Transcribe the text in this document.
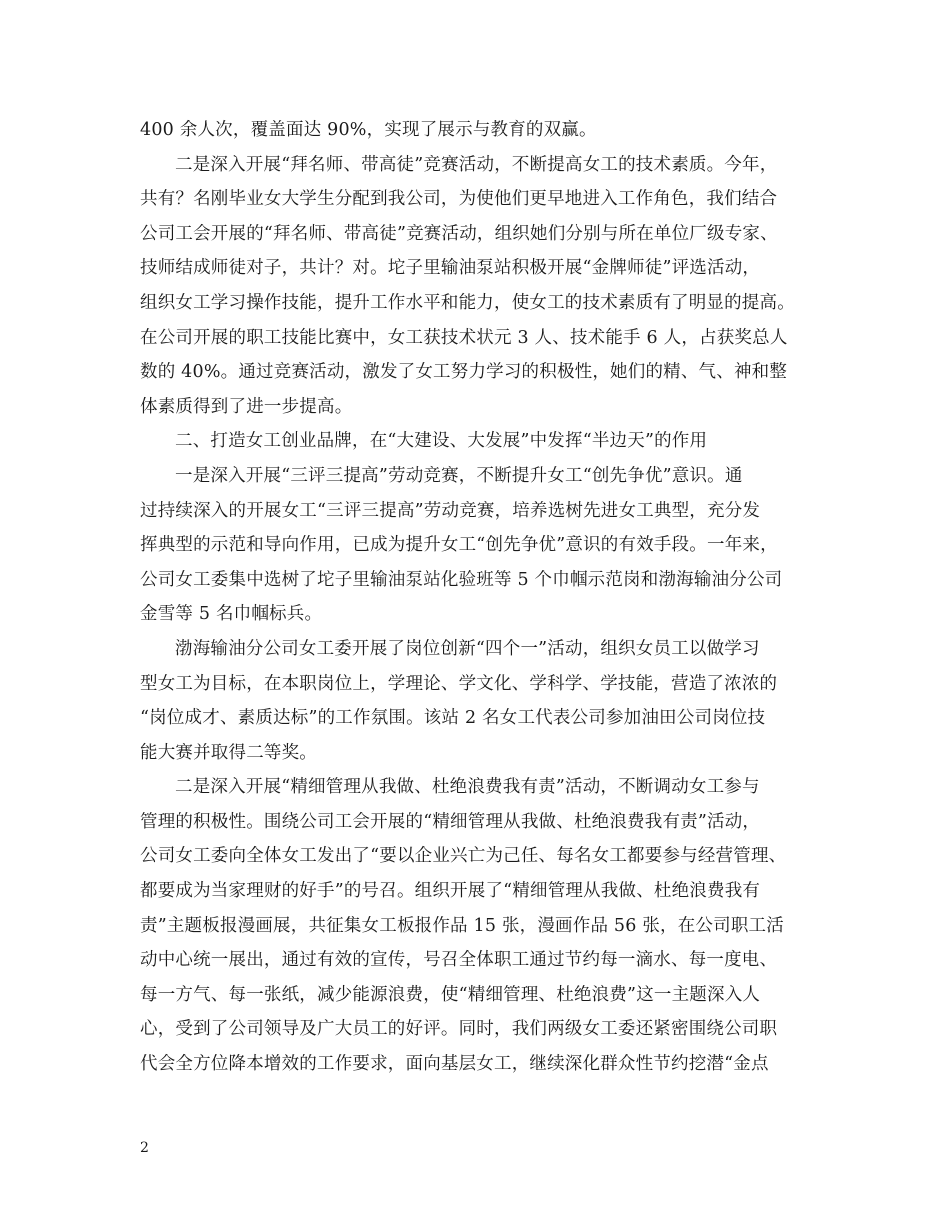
400 余人次，覆盖面达 90%，实现了展示与教育的双赢。
二是深入开展“拜名师、带高徒”竞赛活动，不断提高女工的技术素质。今年，
共有？名刚毕业女大学生分配到我公司，为使他们更早地进入工作角色，我们结合
公司工会开展的“拜名师、带高徒”竞赛活动，组织她们分别与所在单位厂级专家、
技师结成师徒对子，共计？对。坨子里输油泵站积极开展“金牌师徒”评选活动，
组织女工学习操作技能，提升工作水平和能力，使女工的技术素质有了明显的提高。
在公司开展的职工技能比赛中，女工获技术状元 3 人、技术能手 6 人，占获奖总人
数的 40%。通过竞赛活动，激发了女工努力学习的积极性，她们的精、气、神和整
体素质得到了进一步提高。
二、打造女工创业品牌，在“大建设、大发展”中发挥“半边天”的作用
一是深入开展“三评三提高”劳动竞赛，不断提升女工“创先争优”意识。通
过持续深入的开展女工“三评三提高”劳动竞赛，培养选树先进女工典型，充分发
挥典型的示范和导向作用，已成为提升女工“创先争优”意识的有效手段。一年来，
公司女工委集中选树了坨子里输油泵站化验班等 5 个巾帼示范岗和渤海输油分公司
金雪等 5 名巾帼标兵。
渤海输油分公司女工委开展了岗位创新“四个一”活动，组织女员工以做学习
型女工为目标，在本职岗位上，学理论、学文化、学科学、学技能，营造了浓浓的
“岗位成才、素质达标”的工作氛围。该站 2 名女工代表公司参加油田公司岗位技
能大赛并取得二等奖。
二是深入开展“精细管理从我做、杜绝浪费我有责”活动，不断调动女工参与
管理的积极性。围绕公司工会开展的“精细管理从我做、杜绝浪费我有责”活动，
公司女工委向全体女工发出了“要以企业兴亡为己任、每名女工都要参与经营管理、
都要成为当家理财的好手”的号召。组织开展了“精细管理从我做、杜绝浪费我有
责”主题板报漫画展，共征集女工板报作品 15 张，漫画作品 56 张，在公司职工活
动中心统一展出，通过有效的宣传，号召全体职工通过节约每一滴水、每一度电、
每一方气、每一张纸，减少能源浪费，使“精细管理、杜绝浪费”这一主题深入人
心，受到了公司领导及广大员工的好评。同时，我们两级女工委还紧密围绕公司职
代会全方位降本增效的工作要求，面向基层女工，继续深化群众性节约挖潜“金点
2
